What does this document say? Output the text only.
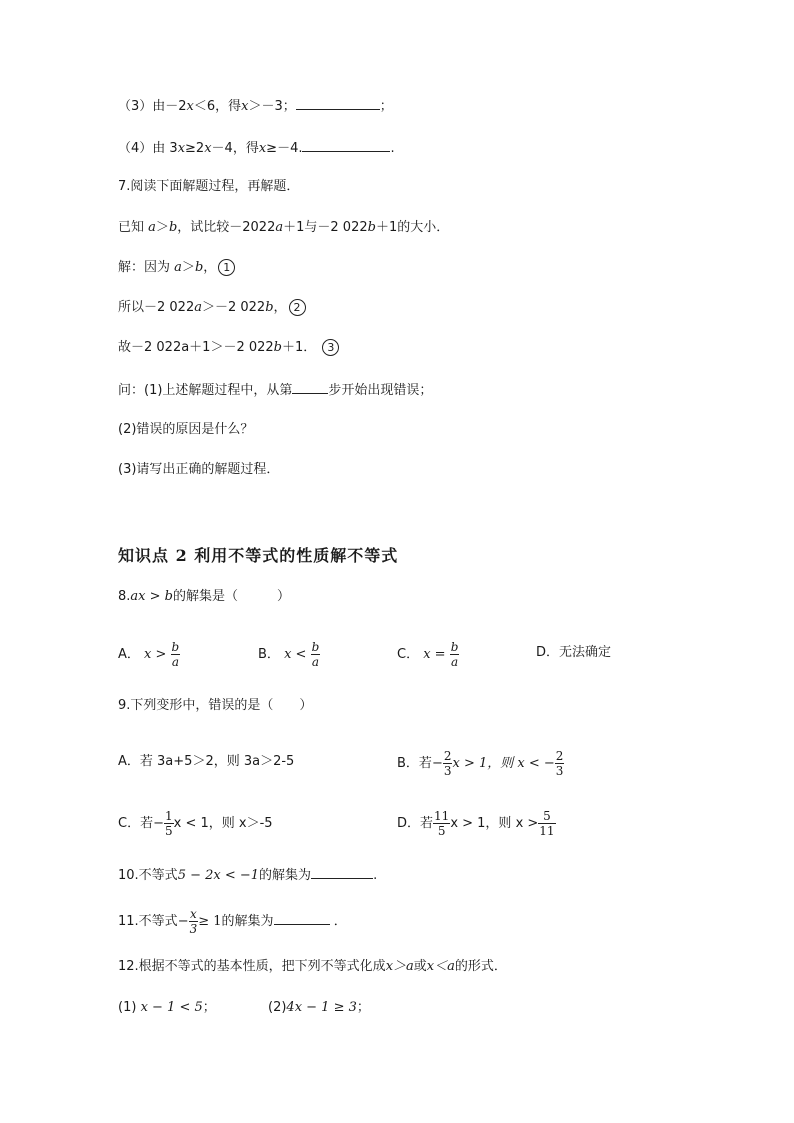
（3）由－2x＜6，得x＞－3；	；
（4）由 3x≥2x－4，得x≥－4.	.
7.阅读下面解题过程，再解题．
已知 a＞b，试比较－2022a＋1与－2 022b＋1的大小．
解：因为 a＞b， 1
所以－2 022a＞－2 022b， 2
故－2 022a＋1＞－2 022b＋1． 3
问：(1)上述解题过程中，从第	步开始出现错误；
(2)错误的原因是什么？
(3)请写出正确的解题过程．
知识点 2 利用不等式的性质解不等式
8.ax > b的解集是（　　　）
A． $x > \frac{b}{a}$	B． $x < \frac{b}{a}$	C． $x = \frac{b}{a}$	D．无法确定
9.下列变形中，错误的是（　　）
A．若 3a+5＞2，则 3a＞2-5	B．若− $\frac{2}{3}$ x > 1，则 x < − $\frac{2}{3}$
C．若− $\frac{1}{5}$ x < 1，则 x＞-5	D．若 $\frac{11}{5}$ x > 1，则 $x > \frac{5}{11}$
10.不等式5 − 2x < −1的解集为	.
11.不等式− $\frac{x}{3} \ge 1$的解集为	．
12.根据不等式的基本性质，把下列不等式化成x＞a或x＜a的形式．
(1) x − 1 < 5；	(2)4x − 1 ≥ 3；
